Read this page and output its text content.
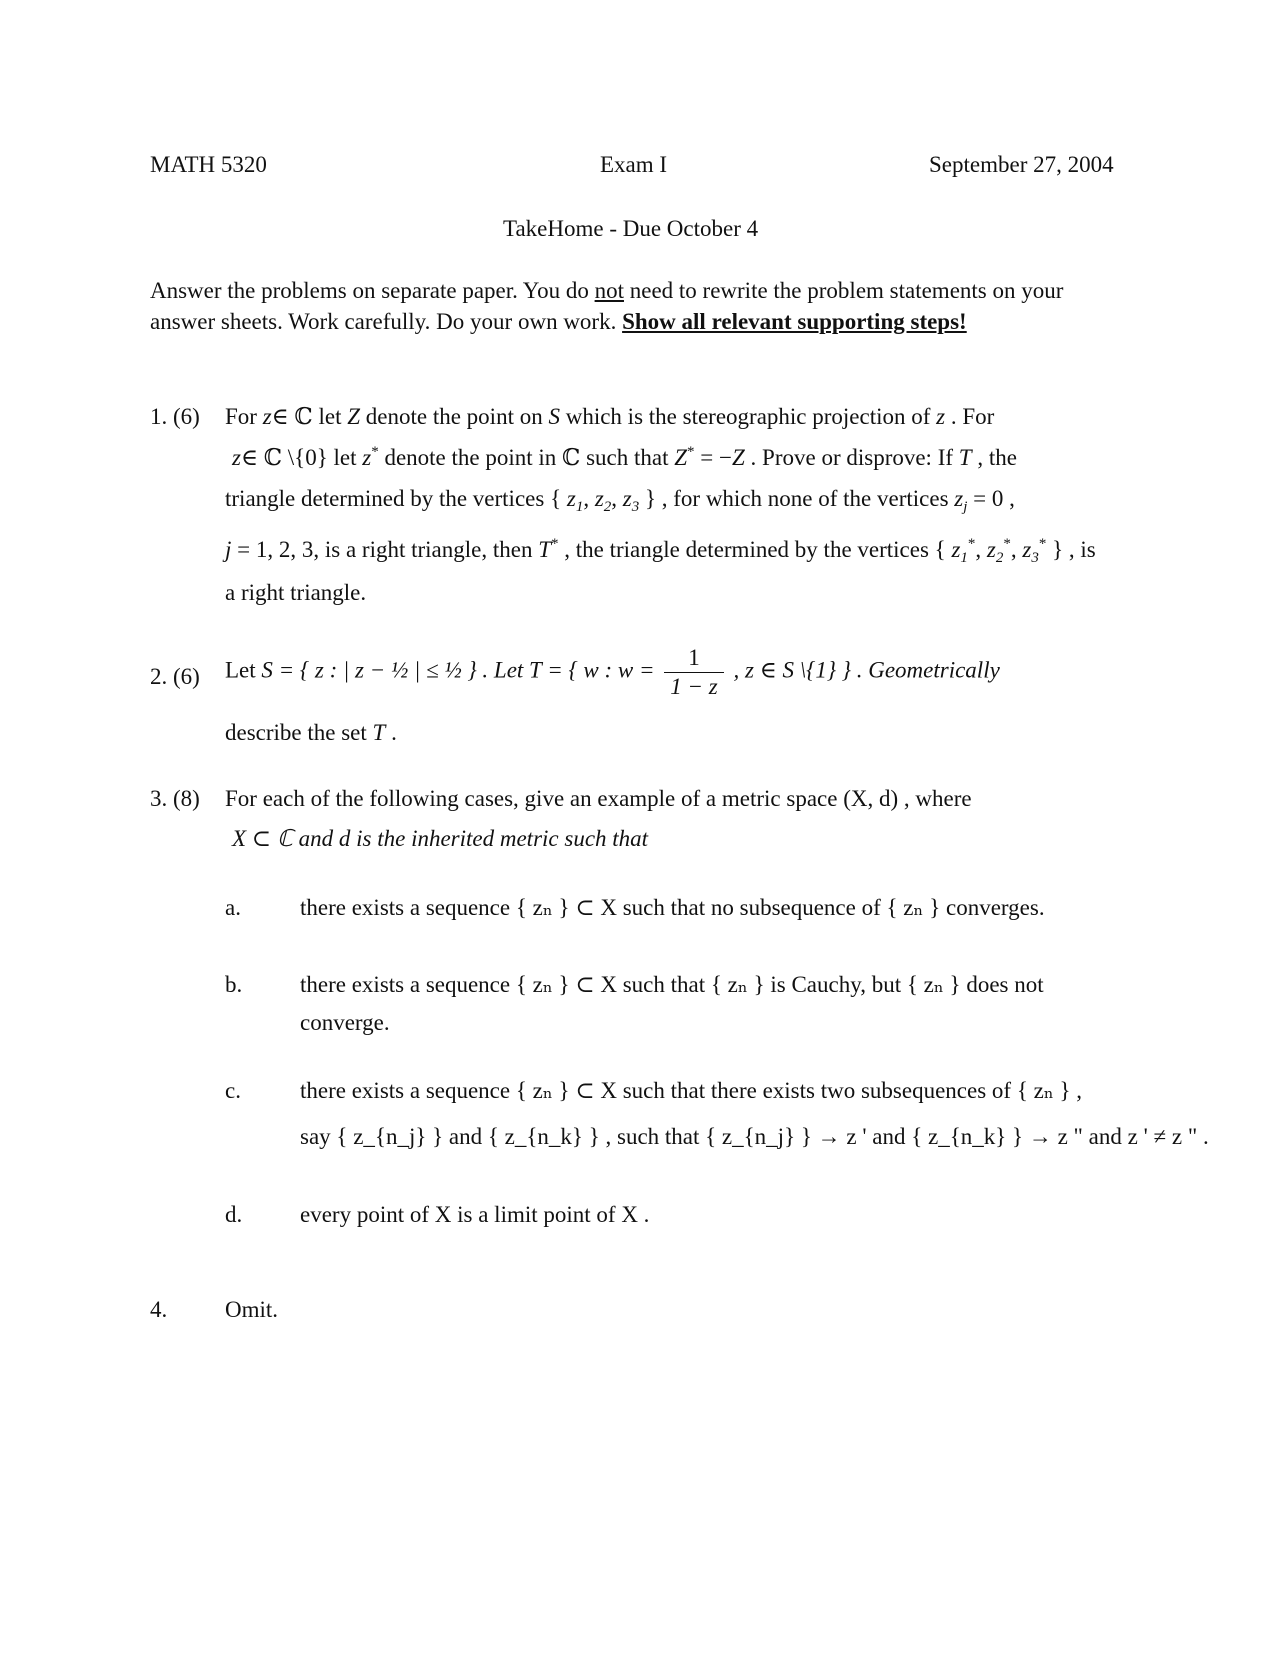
MATH 5320	Exam I	September 27, 2004
TakeHome - Due October 4
Answer the problems on separate paper. You do not need to rewrite the problem statements on your
answer sheets. Work carefully. Do your own work. Show all relevant supporting steps!
1. (6) For z∈ ℂ let Z denote the point on S which is the stereographic projection of z . For
z∈ ℂ \{0} let z* denote the point in ℂ such that Z* = −Z . Prove or disprove: If T , the
triangle determined by the vertices { $z_1$, $z_2$, $z_3$ } , for which none of the vertices $z_j = 0$ ,
j = 1, 2, 3, is a right triangle, then T* , the triangle determined by the vertices { $z_1^*$, $z_2^*$, $z_3^*$ } , is
a right triangle.
2. (6) Let S = { z : | z − ½ | ≤ ½ } . Let T = { w : $w = \frac{1}{1 - z}$ , z ∈ S \{1} } . Geometrically
describe the set T .
3. (8) For each of the following cases, give an example of a metric space (X, d) , where
X ⊂ ℂ and d is the inherited metric such that
a.	there exists a sequence { zₙ } ⊂ X such that no subsequence of { zₙ } converges.
b.	there exists a sequence { zₙ } ⊂ X such that { zₙ } is Cauchy, but { zₙ } does not
converge.
c.	there exists a sequence { zₙ } ⊂ X such that there exists two subsequences of { zₙ } ,
say { z_{n_j} } and { z_{n_k} } , such that { z_{n_j} } → z ' and { z_{n_k} } → z " and z ' ≠ z " .
d.	every point of X is a limit point of X .
4.	Omit.
